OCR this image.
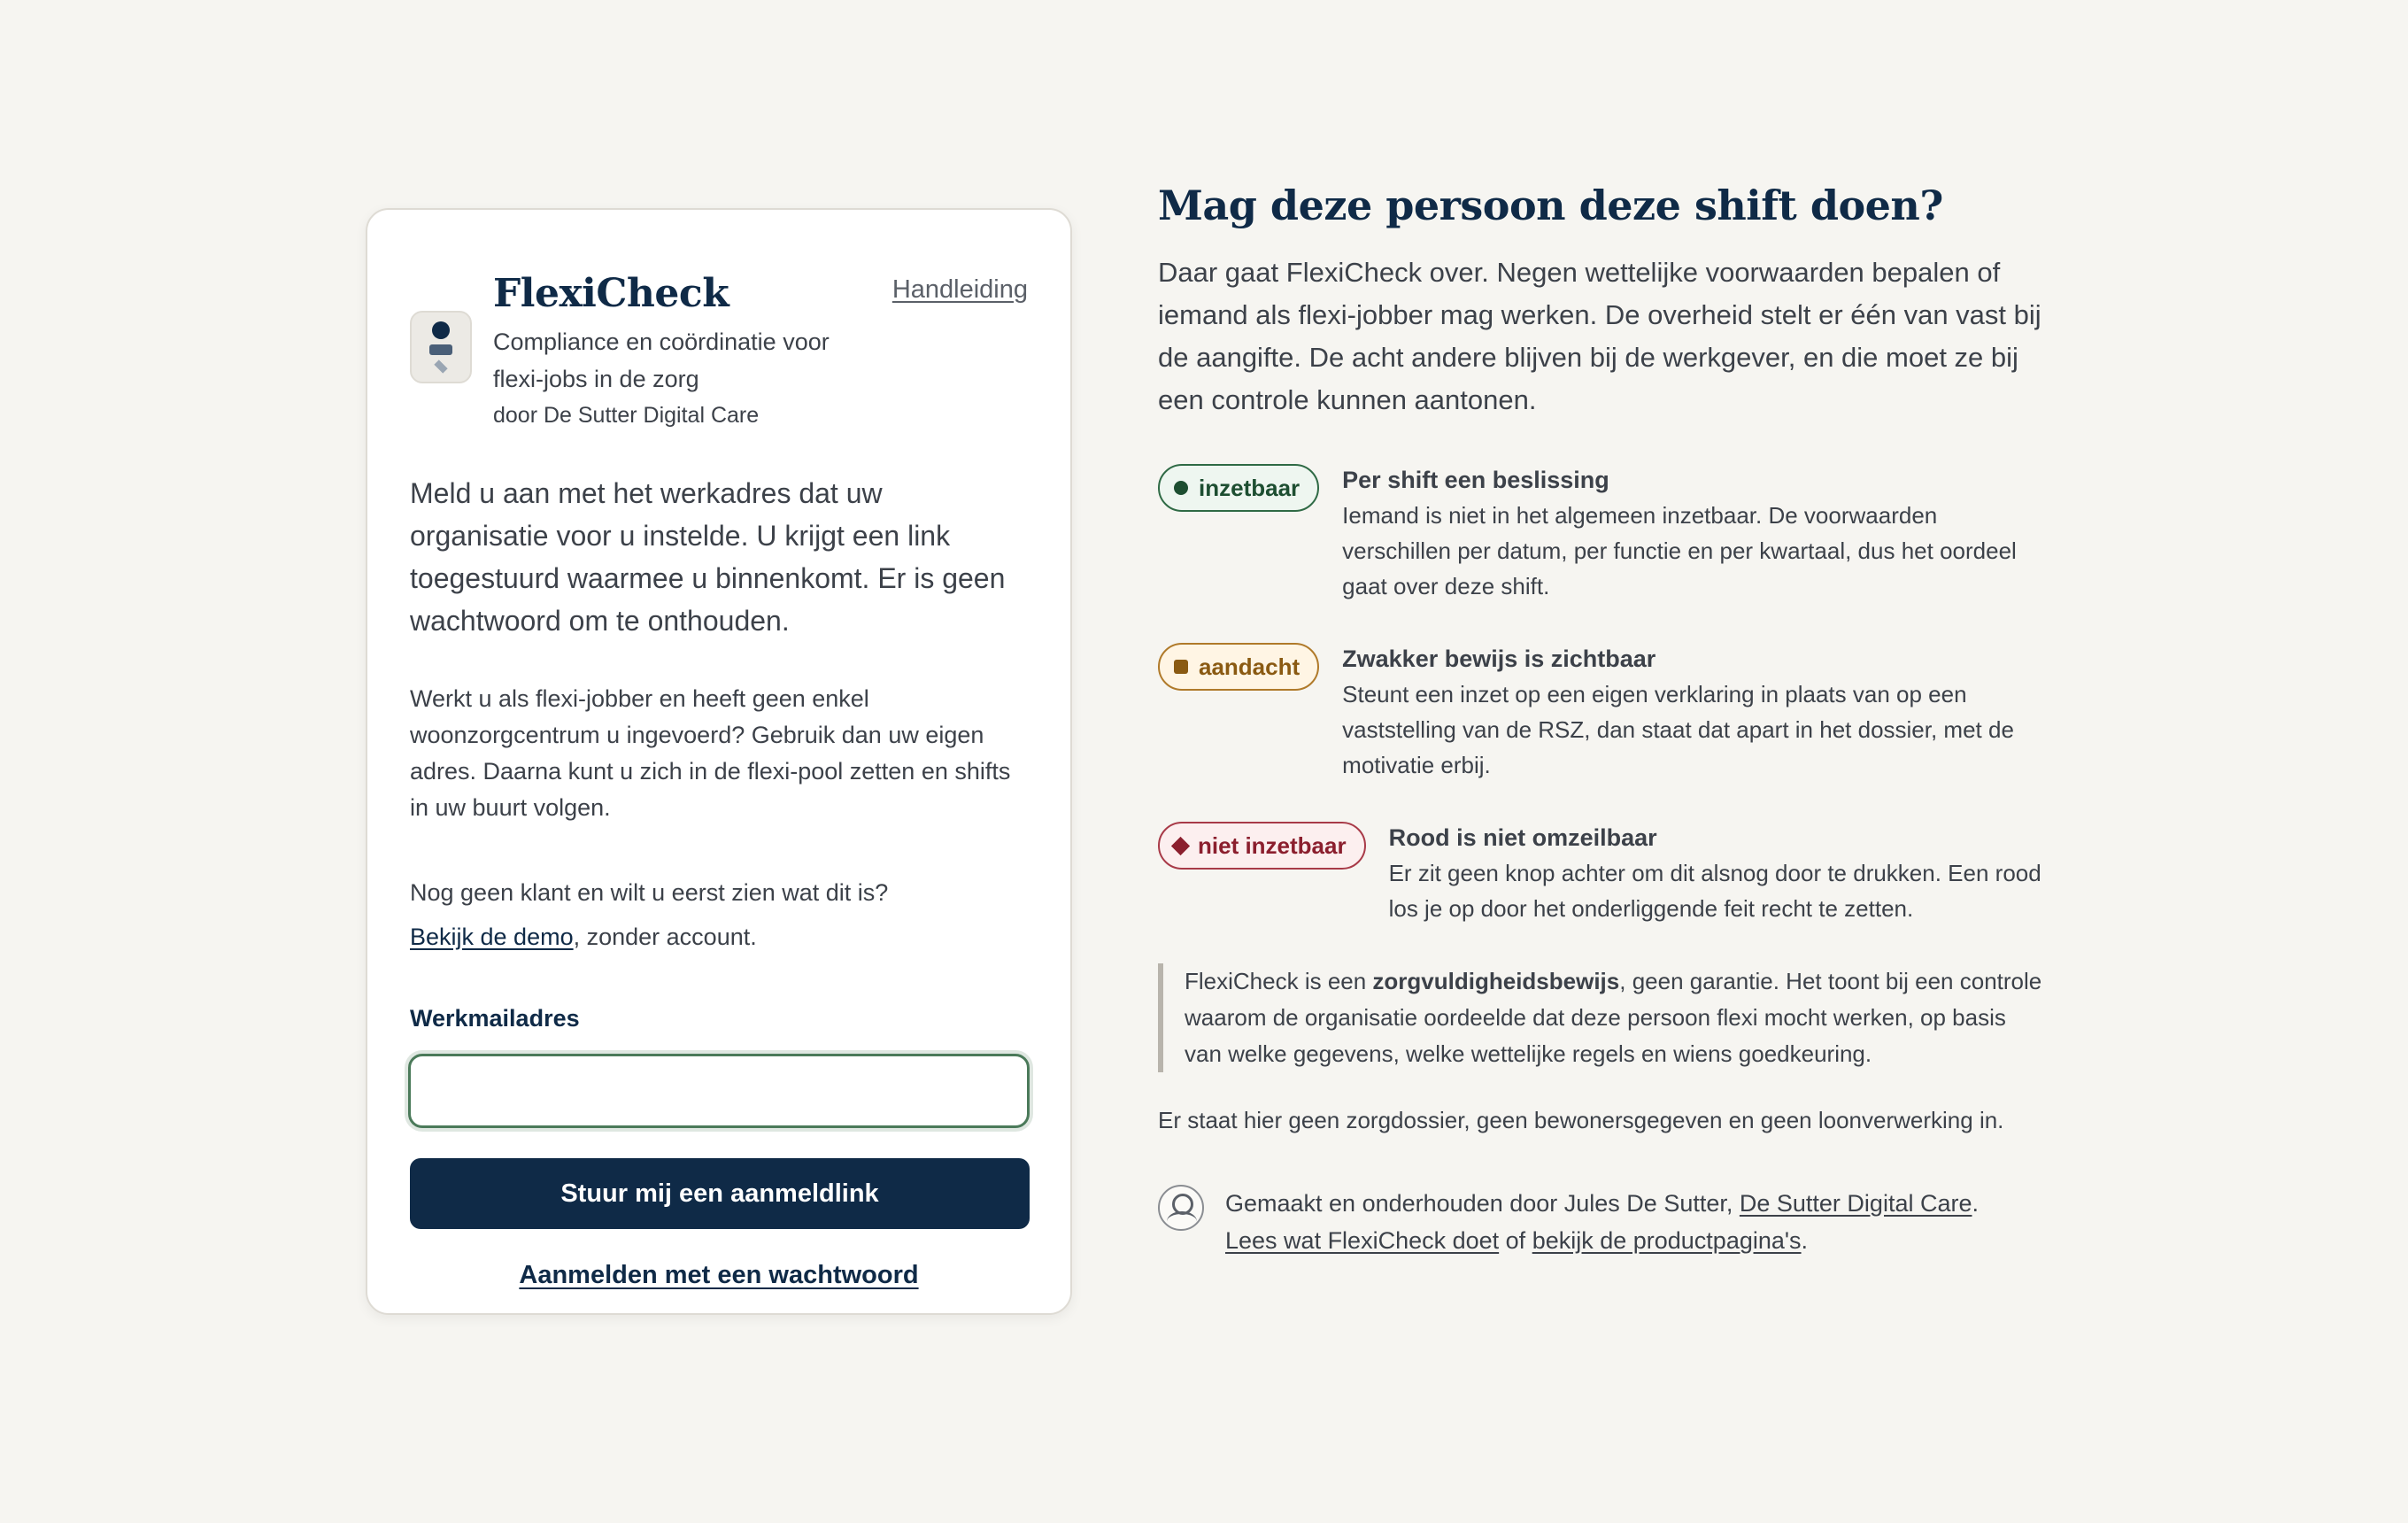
FlexiCheck
Compliance en coördinatie voor flexi-jobs in de zorg
door De Sutter Digital Care
Handleiding

Meld u aan met het werkadres dat uw organisatie voor u instelde. U krijgt een link toegestuurd waarmee u binnenkomt. Er is geen wachtwoord om te onthouden.

Werkt u als flexi-jobber en heeft geen enkel woonzorgcentrum u ingevoerd? Gebruik dan uw eigen adres. Daarna kunt u zich in de flexi-pool zetten en shifts in uw buurt volgen.

Nog geen klant en wilt u eerst zien wat dit is?
Bekijk de demo, zonder account.
Werkmailadres
Stuur mij een aanmeldlink
Aanmelden met een wachtwoord
Mag deze persoon deze shift doen?

Daar gaat FlexiCheck over. Negen wettelijke voorwaarden bepalen of iemand als flexi-jobber mag werken. De overheid stelt er één van vast bij de aangifte. De acht andere blijven bij de werkgever, en die moet ze bij een controle kunnen aantonen.

inzetbaar Per shift een beslissing
Iemand is niet in het algemeen inzetbaar. De voorwaarden verschillen per datum, per functie en per kwartaal, dus het oordeel gaat over deze shift.
aandacht Zwakker bewijs is zichtbaar
Steunt een inzet op een eigen verklaring in plaats van op een vaststelling van de RSZ, dan staat dat apart in het dossier, met de motivatie erbij.
niet inzetbaar Rood is niet omzeilbaar
Er zit geen knop achter om dit alsnog door te drukken. Een rood los je op door het onderliggende feit recht te zetten.
FlexiCheck is een zorgvuldigheidsbewijs, geen garantie. Het toont bij een controle waarom de organisatie oordeelde dat deze persoon flexi mocht werken, op basis van welke gegevens, welke wettelijke regels en wiens goedkeuring.

Er staat hier geen zorgdossier, geen bewonersgegeven en geen loonverwerking in.

Gemaakt en onderhouden door Jules De Sutter, De Sutter Digital Care.
Lees wat FlexiCheck doet of bekijk de productpagina's.
